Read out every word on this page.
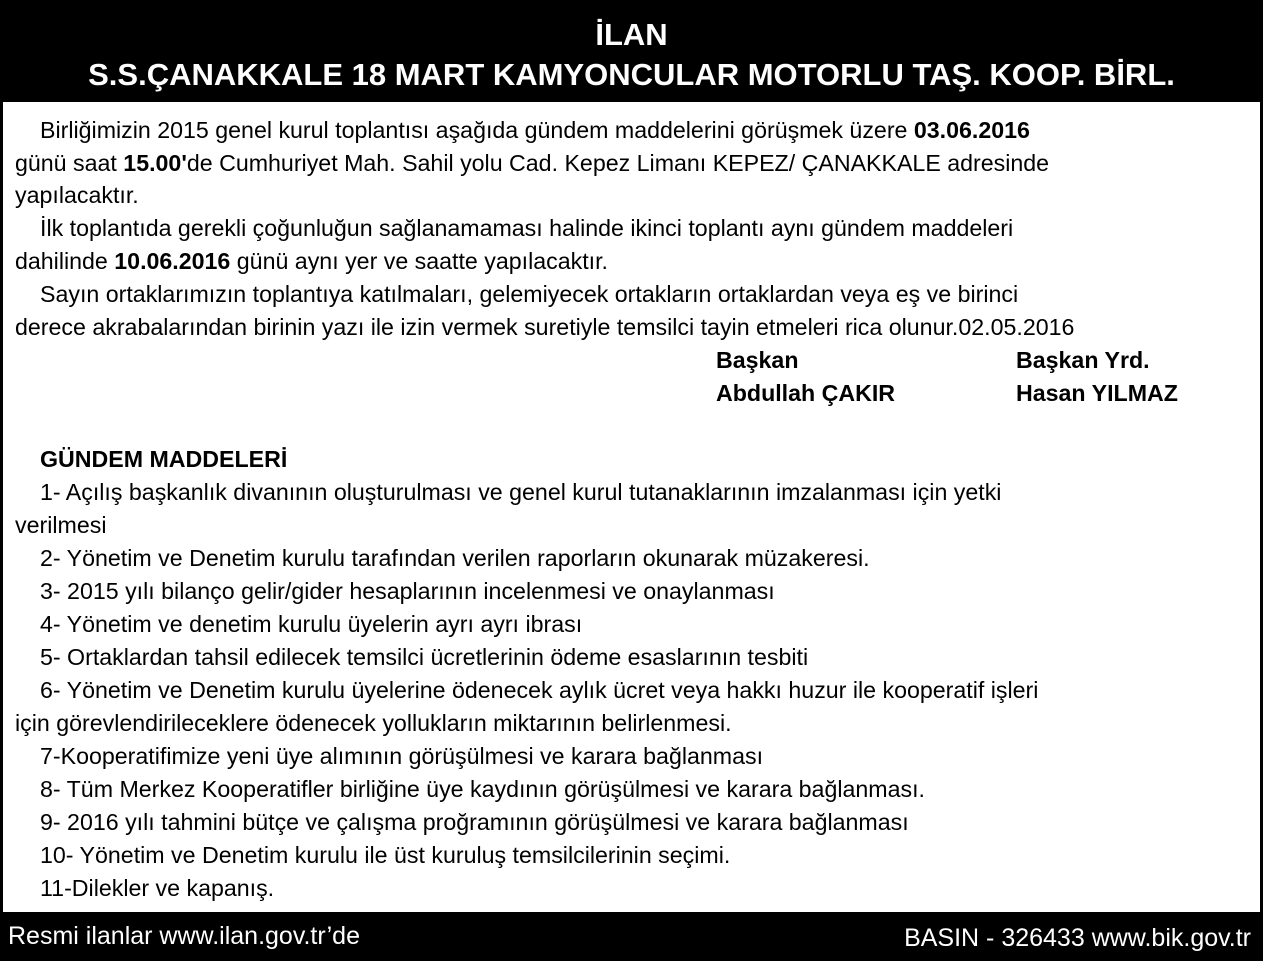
İLAN
S.S.ÇANAKKALE 18 MART KAMYONCULAR MOTORLU TAŞ. KOOP. BİRL.
Birliğimizin 2015 genel kurul toplantısı aşağıda gündem maddelerini görüşmek üzere 03.06.2016
günü saat 15.00'de Cumhuriyet Mah. Sahil yolu Cad. Kepez Limanı KEPEZ/ ÇANAKKALE adresinde
yapılacaktır.
İlk toplantıda gerekli çoğunluğun sağlanamaması halinde ikinci toplantı aynı gündem maddeleri
dahilinde 10.06.2016 günü aynı yer ve saatte yapılacaktır.
Sayın ortaklarımızın toplantıya katılmaları, gelemiyecek ortakların ortaklardan veya eş ve birinci
derece akrabalarından birinin yazı ile izin vermek suretiyle temsilci tayin etmeleri rica olunur.02.05.2016
Başkan	Başkan Yrd.
Abdullah ÇAKIR	Hasan YILMAZ
GÜNDEM MADDELERİ
1- Açılış başkanlık divanının oluşturulması ve genel kurul tutanaklarının imzalanması için yetki
verilmesi
2- Yönetim ve Denetim kurulu tarafından verilen raporların okunarak müzakeresi.
3- 2015 yılı bilanço gelir/gider hesaplarının incelenmesi ve onaylanması
4- Yönetim ve denetim kurulu üyelerin ayrı ayrı ibrası
5- Ortaklardan tahsil edilecek temsilci ücretlerinin ödeme esaslarının tesbiti
6- Yönetim ve Denetim kurulu üyelerine ödenecek aylık ücret veya hakkı huzur ile kooperatif işleri
için görevlendirileceklere ödenecek yollukların miktarının belirlenmesi.
7-Kooperatifimize yeni üye alımının görüşülmesi ve karara bağlanması
8- Tüm Merkez Kooperatifler birliğine üye kaydının görüşülmesi ve karara bağlanması.
9- 2016 yılı tahmini bütçe ve çalışma proğramının görüşülmesi ve karara bağlanması
10- Yönetim ve Denetim kurulu ile üst kuruluş temsilcilerinin seçimi.
11-Dilekler ve kapanış.
Resmi ilanlar www.ilan.gov.tr’de	BASIN - 326433 www.bik.gov.tr
